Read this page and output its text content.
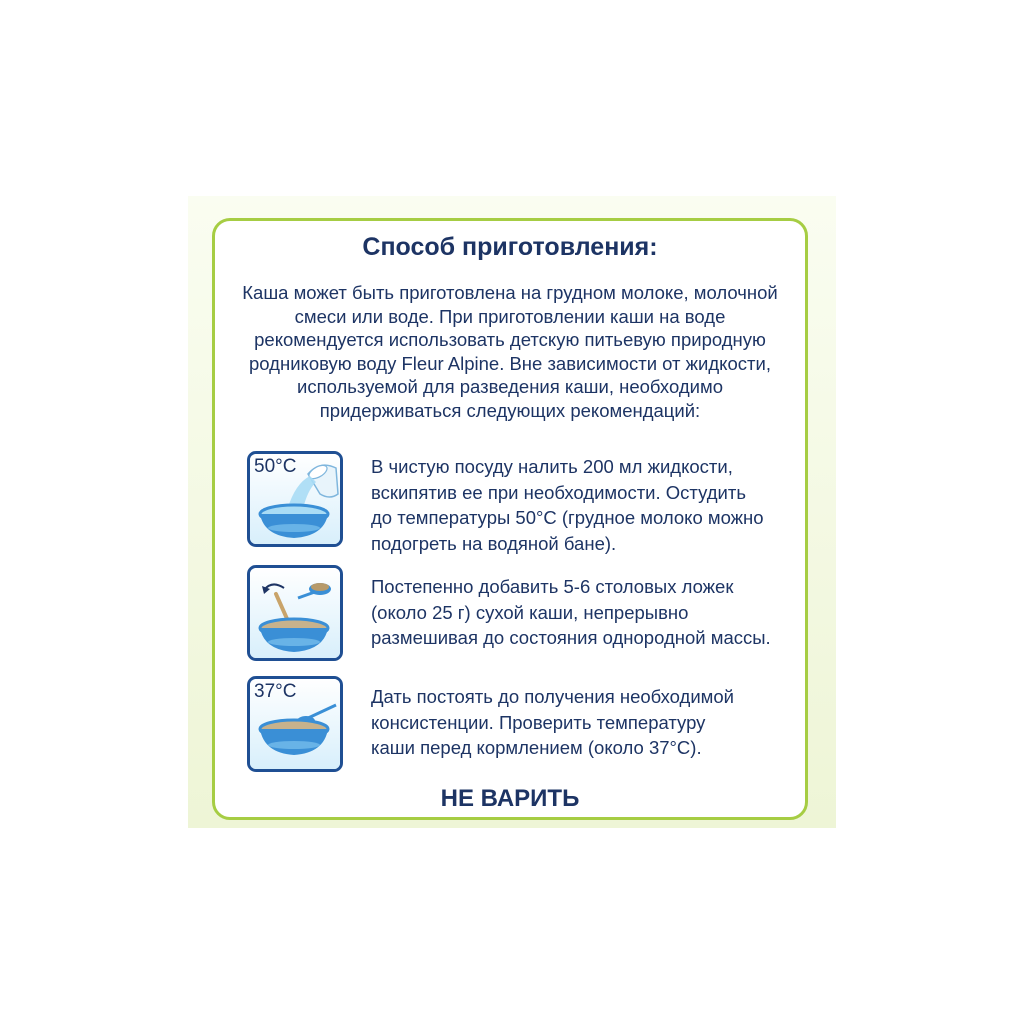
Способ приготовления:
Каша может быть приготовлена на грудном молоке, молочной
смеси или воде. При приготовлении каши на воде
рекомендуется использовать детскую питьевую природную
родниковую воду Fleur Alpine. Вне зависимости от жидкости,
используемой для разведения каши, необходимо
придерживаться следующих рекомендаций:
50°C	В чистую посуду налить 200 мл жидкости,
вскипятив ее при необходимости. Остудить
до температуры 50°С (грудное молоко можно
подогреть на водяной бане).
Постепенно добавить 5-6 столовых ложек
(около 25 г) сухой каши, непрерывно
размешивая до состояния однородной массы.
37°C	Дать постоять до получения необходимой
консистенции. Проверить температуру
каши перед кормлением (около 37°С).
НЕ ВАРИТЬ
